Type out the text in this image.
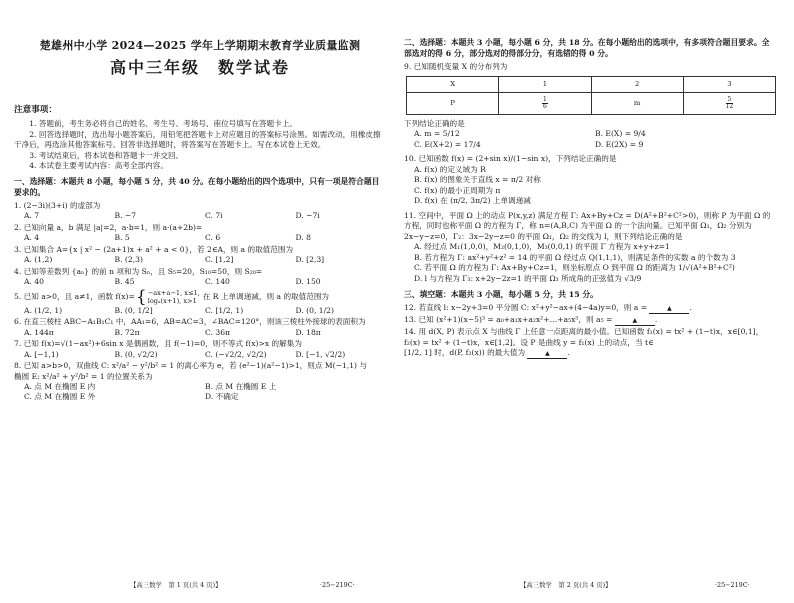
楚雄州中小学 2024—2025 学年上学期期末教育学业质量监测
高中三年级　数学试卷
注意事项：

1. 答题前，考生务必将自己的姓名、考生号、考场号、座位号填写在答题卡上。

2. 回答选择题时，选出每小题答案后，用铅笔把答题卡上对应题目的答案标号涂黑。如需改动，用橡皮擦干净后，再选涂其他答案标号。回答非选择题时，将答案写在答题卡上。写在本试卷上无效。

3. 考试结束后，将本试卷和答题卡一并交回。

4. 本试卷主要考试内容：高考全部内容。

一、选择题：本题共 8 小题，每小题 5 分，共 40 分。在每小题给出的四个选项中，只有一项是符合题目要求的。
1. (2−3i)(3+i) 的虚部为
A. 7	B. −7	C. 7i	D. −7i
2. 已知向量 a，b 满足 |a|=2，a·b=1，则 a·(a+2b)=
A. 4	B. 5	C. 6	D. 8
3. 已知集合 A={x | x² − (2a+1)x + a² + a < 0}，若 2∈A，则 a 的取值范围为
A. (1,2)	B. (2,3)	C. [1,2]	D. [2,3]
4. 已知等差数列 {aₙ} 的前 n 项和为 Sₙ，且 S₅=20，S₁₀=50，则 S₂₀=
A. 40	B. 45	C. 140	D. 150
5. 已知 a>0，且 a≠1，函数 f(x)= { −ax+a−1, x≤1,
logₐ(x+1), x>1
在 R 上单调递减，则 a 的取值范围为
A. (1/2, 1)	B. (0, 1/2]	C. [1/2, 1)	D. (0, 1/2)
6. 在直三棱柱 ABC−A₁B₁C₁ 中，AA₁=6，AB=AC=3，∠BAC=120°，则该三棱柱外接球的表面积为
A. 144π	B. 72π	C. 36π	D. 18π
7. 已知 f(x)=√(1−ax²)+6sin x 是偶函数，且 f(−1)=0，则不等式 f(x)>x 的解集为
A. [−1,1)	B. (0, √2/2)	C. (−√2/2, √2/2)	D. [−1, √2/2)
8. 已知 a>b>0，双曲线 C: x²/a² − y²/b² = 1 的离心率为 e，若 (e²−1)(a²−1)>1，则点 M(−1,1) 与
椭圆 E: x²/a² + y²/b² = 1 的位置关系为
A. 点 M 在椭圆 E 内	B. 点 M 在椭圆 E 上
C. 点 M 在椭圆 E 外	D. 不确定
二、选择题：本题共 3 小题，每小题 6 分，共 18 分。在每小题给出的选项中，有多项符合题目要求。全部选对的得 6 分，部分选对的得部分分，有选错的得 0 分。
9. 已知随机变量 X 的分布列为
X	1	2	3
P	$\frac{1}{6}$	m	$\frac{5}{12}$
下列结论正确的是
A. m = 5/12	B. E(X) = 9/4
C. E(X+2) = 17/4	D. E(2X) = 9
10. 已知函数 f(x) = (2+sin x)/(1−sin x)，下列结论正确的是
A. f(x) 的定义域为 R
B. f(x) 的图象关于直线 x = π/2 对称
C. f(x) 的最小正周期为 π
D. f(x) 在 (π/2, 3π/2) 上单调递减
11. 空间中，平面 Ω 上的动点 P(x,y,z) 满足方程 Γ: Ax+By+Cz = D(A²+B²+C²>0)，则称 P 为平面 Ω 的方程，同时也称平面 Ω 的方程为 Γ，称 n=(A,B,C) 为平面 Ω 的一个法向量。已知平面 Ω₁，Ω₂ 分别为 2x−y−z=0，Γ₂：3x−2y−z=0 的平面 Ω₁，Ω₂ 的交线为 l，则下列结论正确的是
A. 经过点 M₁(1,0,0)，M₂(0,1,0)，M₃(0,0,1) 的平面 Γ 方程为 x+y+z=1
B. 若方程为 Γ: ax²+y²+z² = 14 的平面 Ω 经过点 Q(1,1,1)，则满足条件的实数 a 的个数为 3
C. 若平面 Ω 的方程为 Γ: Ax+By+Cz=1，则坐标原点 O 到平面 Ω 的距离为 1/√(A²+B²+C²)
D. l 与方程为 Γ₃: x+2y−2z=1 的平面 Ω₃ 所成角的正弦值为 √3/9
三、填空题：本题共 3 小题，每小题 5 分，共 15 分。
12. 若直线 l: x−2y+3=0 平分圆 C: x²+y²−ax+(4−4a)y=0，则 a =	▲ .
13. 已知 (x²+1)(x−5)³ = a₀+a₁x+a₂x²+…+a₅x⁵，则 a₅ =	▲ .
14. 用 d(X, P) 表示点 X 与曲线 Γ 上任意一点距离的最小值。已知函数 f₁(x) = tx² + (1−t)x，x∈[0,1]，f₂(x) = tx² + (1−t)x，x∈[1,2]。设 P 是曲线 y = f₁(x) 上的动点，当 t∈
[1/2, 1] 时，d(P, f₂(x)) 的最大值为	▲ .
【高三数学　第 1 页(共 4 页)】	·25−219C·	【高三数学　第 2 页(共 4 页)】	·25−219C·
